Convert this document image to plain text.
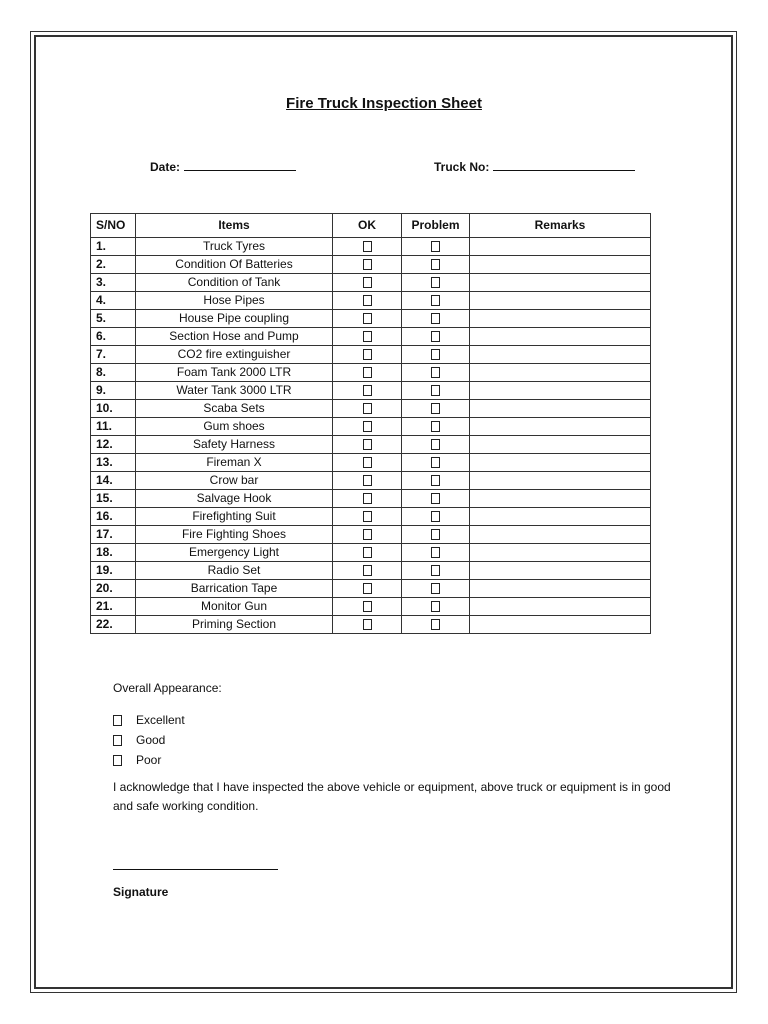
Fire Truck Inspection Sheet
Date:	Truck No:
S/NO	Items	OK	Problem	Remarks
1.	Truck Tyres			
2.	Condition Of Batteries			
3.	Condition of Tank			
4.	Hose Pipes			
5.	House Pipe coupling			
6.	Section Hose and Pump			
7.	CO2 fire extinguisher			
8.	Foam Tank 2000 LTR			
9.	Water Tank 3000 LTR			
10.	Scaba Sets			
11.	Gum shoes			
12.	Safety Harness			
13.	Fireman X			
14.	Crow bar			
15.	Salvage Hook			
16.	Firefighting Suit			
17.	Fire Fighting Shoes			
18.	Emergency Light			
19.	Radio Set			
20.	Barrication Tape			
21.	Monitor Gun			
22.	Priming Section			
Overall Appearance:
Excellent
Good
Poor
I acknowledge that I have inspected the above vehicle or equipment, above truck or equipment is in good and safe working condition.
Signature
